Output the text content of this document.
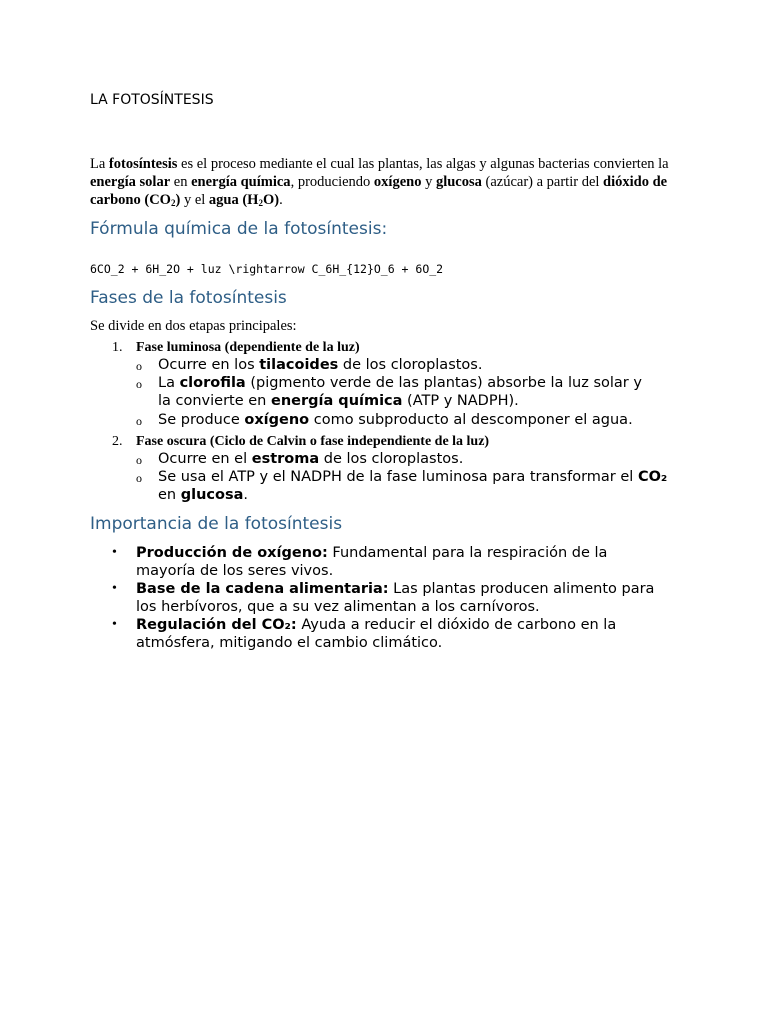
LA FOTOSÍNTESIS

La fotosíntesis es el proceso mediante el cual las plantas, las algas y algunas bacterias convierten la energía solar en energía química, produciendo oxígeno y glucosa (azúcar) a partir del dióxido de carbono $(CO_2)$ y el agua $(H_2O)$.

Fórmula química de la fotosíntesis:

6CO_2 + 6H_2O + luz \rightarrow C_6H_{12}O_6 + 6O_2

Fases de la fotosíntesis

Se divide en dos etapas principales:

1. Fase luminosa (dependiente de la luz)
o Ocurre en los tilacoides de los cloroplastos.
o La clorofila (pigmento verde de las plantas) absorbe la luz solar y la convierte en energía química (ATP y NADPH).
o Se produce oxígeno como subproducto al descomponer el agua.
2. Fase oscura (Ciclo de Calvin o fase independiente de la luz)
o Ocurre en el estroma de los cloroplastos.
o Se usa el ATP y el NADPH de la fase luminosa para transformar el CO₂ en glucosa.
Importancia de la fotosíntesis
• Producción de oxígeno: Fundamental para la respiración de la mayoría de los seres vivos.
• Base de la cadena alimentaria: Las plantas producen alimento para los herbívoros, que a su vez alimentan a los carnívoros.
• Regulación del CO₂: Ayuda a reducir el dióxido de carbono en la atmósfera, mitigando el cambio climático.
